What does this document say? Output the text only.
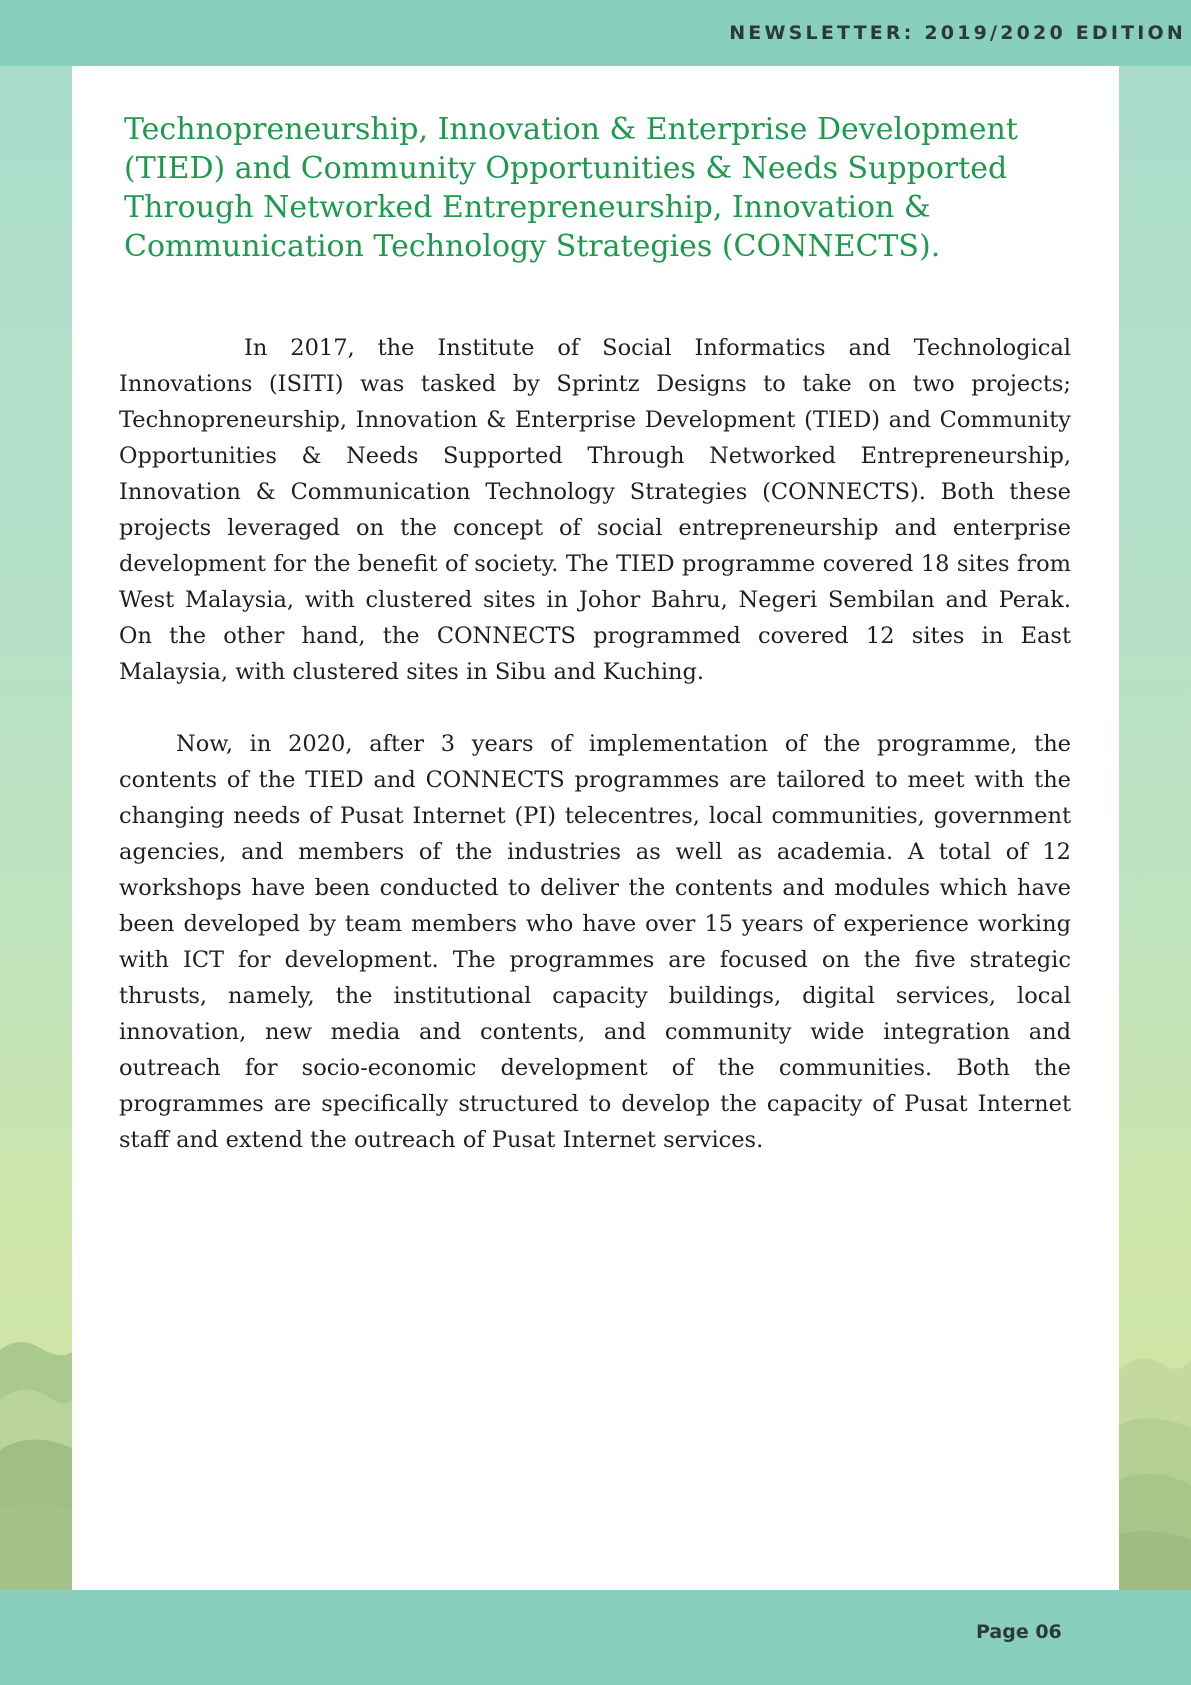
NEWSLETTER: 2019/2020 EDITION
Technopreneurship, Innovation & Enterprise Development (TIED) and Community Opportunities & Needs Supported Through Networked Entrepreneurship, Innovation & Communication Technology Strategies (CONNECTS).

In 2017, the Institute of Social Informatics and Technological Innovations (ISITI) was tasked by Sprintz Designs to take on two projects; Technopreneurship, Innovation & Enterprise Development (TIED) and Community Opportunities & Needs Supported Through Networked Entrepreneurship, Innovation & Communication Technology Strategies (CONNECTS). Both these projects leveraged on the concept of social entrepreneurship and enterprise development for the benefit of society. The TIED programme covered 18 sites from West Malaysia, with clustered sites in Johor Bahru, Negeri Sembilan and Perak. On the other hand, the CONNECTS programmed covered 12 sites in East Malaysia, with clustered sites in Sibu and Kuching.

Now, in 2020, after 3 years of implementation of the programme, the contents of the TIED and CONNECTS programmes are tailored to meet with the changing needs of Pusat Internet (PI) telecentres, local communities, government agencies, and members of the industries as well as academia. A total of 12 workshops have been conducted to deliver the contents and modules which have been developed by team members who have over 15 years of experience working with ICT for development. The programmes are focused on the five strategic thrusts, namely, the institutional capacity buildings, digital services, local innovation, new media and contents, and community wide integration and outreach for socio-economic development of the communities. Both the programmes are specifically structured to develop the capacity of Pusat Internet staff and extend the outreach of Pusat Internet services.

Page 06
